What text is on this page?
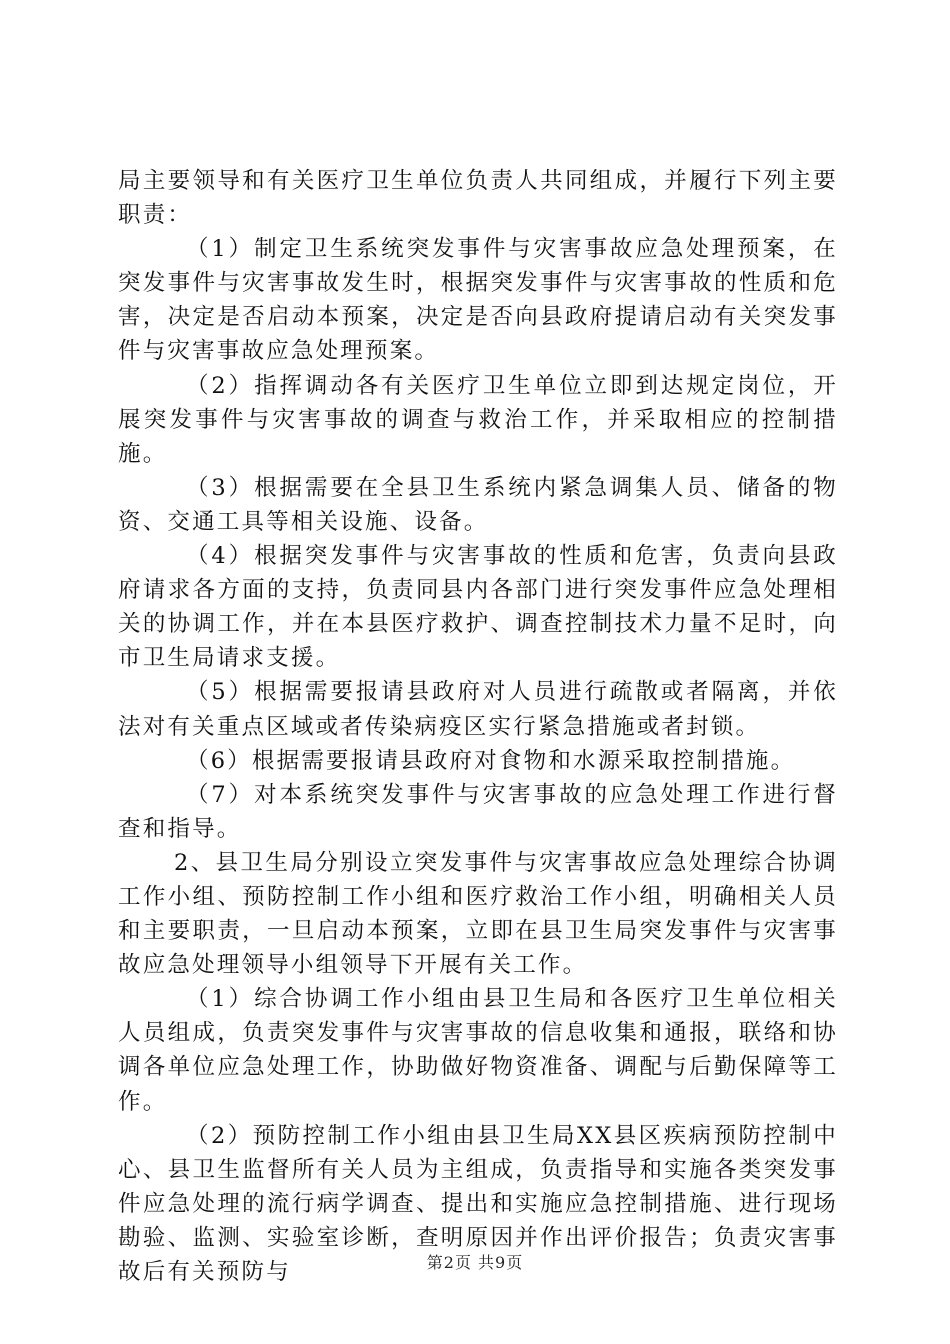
局主要领导和有关医疗卫生单位负责人共同组成，并履行下列主要职责：

（1）制定卫生系统突发事件与灾害事故应急处理预案，在突发事件与灾害事故发生时，根据突发事件与灾害事故的性质和危害，决定是否启动本预案，决定是否向县政府提请启动有关突发事件与灾害事故应急处理预案。

（2）指挥调动各有关医疗卫生单位立即到达规定岗位，开展突发事件与灾害事故的调查与救治工作，并采取相应的控制措施。

（3）根据需要在全县卫生系统内紧急调集人员、储备的物资、交通工具等相关设施、设备。

（4）根据突发事件与灾害事故的性质和危害，负责向县政府请求各方面的支持，负责同县内各部门进行突发事件应急处理相关的协调工作，并在本县医疗救护、调查控制技术力量不足时，向市卫生局请求支援。

（5）根据需要报请县政府对人员进行疏散或者隔离，并依法对有关重点区域或者传染病疫区实行紧急措施或者封锁。

（6）根据需要报请县政府对食物和水源采取控制措施。

（7）对本系统突发事件与灾害事故的应急处理工作进行督查和指导。

2、县卫生局分别设立突发事件与灾害事故应急处理综合协调工作小组、预防控制工作小组和医疗救治工作小组，明确相关人员和主要职责，一旦启动本预案，立即在县卫生局突发事件与灾害事故应急处理领导小组领导下开展有关工作。

（1）综合协调工作小组由县卫生局和各医疗卫生单位相关人员组成，负责突发事件与灾害事故的信息收集和通报，联络和协调各单位应急处理工作，协助做好物资准备、调配与后勤保障等工作。

（2）预防控制工作小组由县卫生局XX县区疾病预防控制中心、县卫生监督所有关人员为主组成，负责指导和实施各类突发事件应急处理的流行病学调查、提出和实施应急控制措施、进行现场勘验、监测、实验室诊断，查明原因并作出评价报告；负责灾害事故后有关预防与	第2页 共9页
